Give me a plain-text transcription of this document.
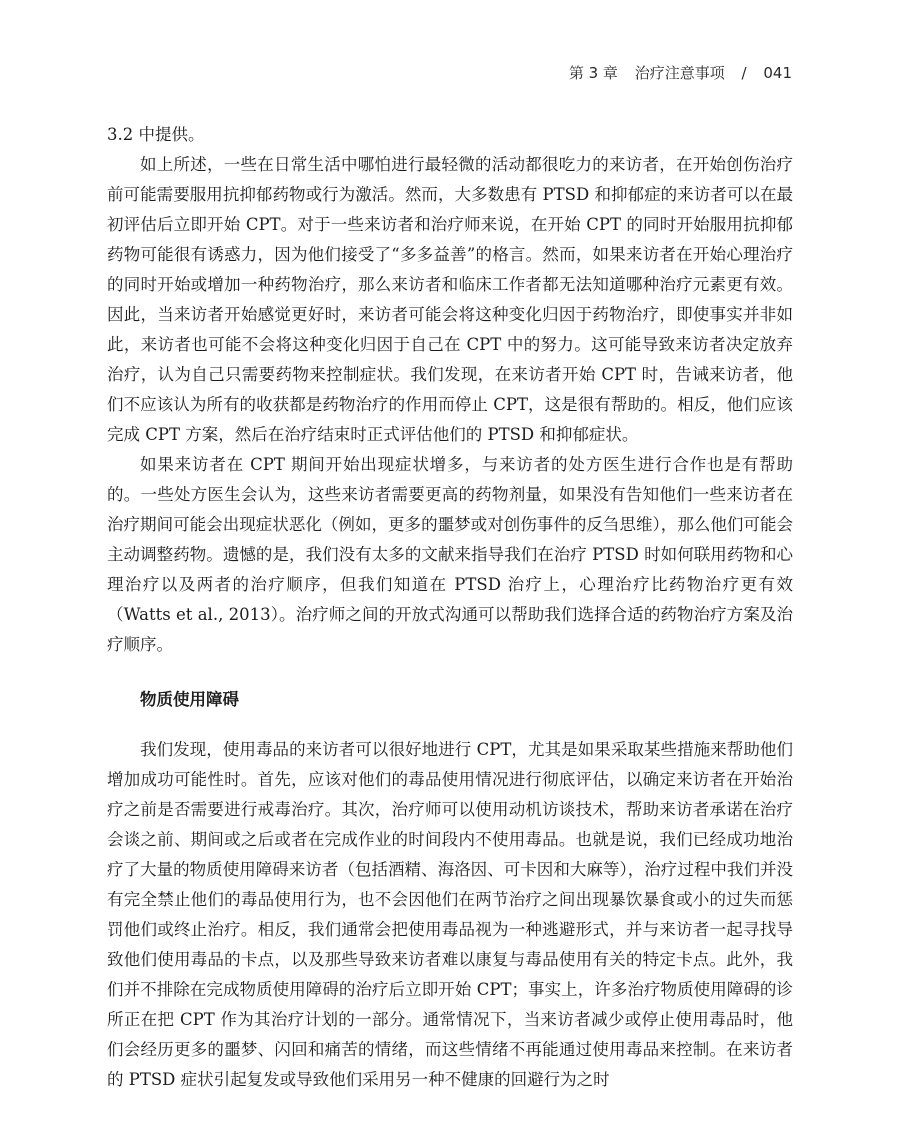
第 3 章 治疗注意事项 / 041

3.2 中提供。

如上所述，一些在日常生活中哪怕进行最轻微的活动都很吃力的来访者，在开始创伤治疗前可能需要服用抗抑郁药物或行为激活。然而，大多数患有 PTSD 和抑郁症的来访者可以在最初评估后立即开始 CPT。对于一些来访者和治疗师来说，在开始 CPT 的同时开始服用抗抑郁药物可能很有诱惑力，因为他们接受了“多多益善”的格言。然而，如果来访者在开始心理治疗的同时开始或增加一种药物治疗，那么来访者和临床工作者都无法知道哪种治疗元素更有效。因此，当来访者开始感觉更好时，来访者可能会将这种变化归因于药物治疗，即使事实并非如此，来访者也可能不会将这种变化归因于自己在 CPT 中的努力。这可能导致来访者决定放弃治疗，认为自己只需要药物来控制症状。我们发现，在来访者开始 CPT 时，告诫来访者，他们不应该认为所有的收获都是药物治疗的作用而停止 CPT，这是很有帮助的。相反，他们应该完成 CPT 方案，然后在治疗结束时正式评估他们的 PTSD 和抑郁症状。

如果来访者在 CPT 期间开始出现症状增多，与来访者的处方医生进行合作也是有帮助的。一些处方医生会认为，这些来访者需要更高的药物剂量，如果没有告知他们一些来访者在治疗期间可能会出现症状恶化（例如，更多的噩梦或对创伤事件的反刍思维），那么他们可能会主动调整药物。遗憾的是，我们没有太多的文献来指导我们在治疗 PTSD 时如何联用药物和心理治疗以及两者的治疗顺序，但我们知道在 PTSD 治疗上，心理治疗比药物治疗更有效（Watts et al., 2013）。治疗师之间的开放式沟通可以帮助我们选择合适的药物治疗方案及治疗顺序。

物质使用障碍

我们发现，使用毒品的来访者可以很好地进行 CPT，尤其是如果采取某些措施来帮助他们增加成功可能性时。首先，应该对他们的毒品使用情况进行彻底评估，以确定来访者在开始治疗之前是否需要进行戒毒治疗。其次，治疗师可以使用动机访谈技术，帮助来访者承诺在治疗会谈之前、期间或之后或者在完成作业的时间段内不使用毒品。也就是说，我们已经成功地治疗了大量的物质使用障碍来访者（包括酒精、海洛因、可卡因和大麻等），治疗过程中我们并没有完全禁止他们的毒品使用行为，也不会因他们在两节治疗之间出现暴饮暴食或小的过失而惩罚他们或终止治疗。相反，我们通常会把使用毒品视为一种逃避形式，并与来访者一起寻找导致他们使用毒品的卡点，以及那些导致来访者难以康复与毒品使用有关的特定卡点。此外，我们并不排除在完成物质使用障碍的治疗后立即开始 CPT；事实上，许多治疗物质使用障碍的诊所正在把 CPT 作为其治疗计划的一部分。通常情况下，当来访者减少或停止使用毒品时，他们会经历更多的噩梦、闪回和痛苦的情绪，而这些情绪不再能通过使用毒品来控制。在来访者的 PTSD 症状引起复发或导致他们采用另一种不健康的回避行为之时
